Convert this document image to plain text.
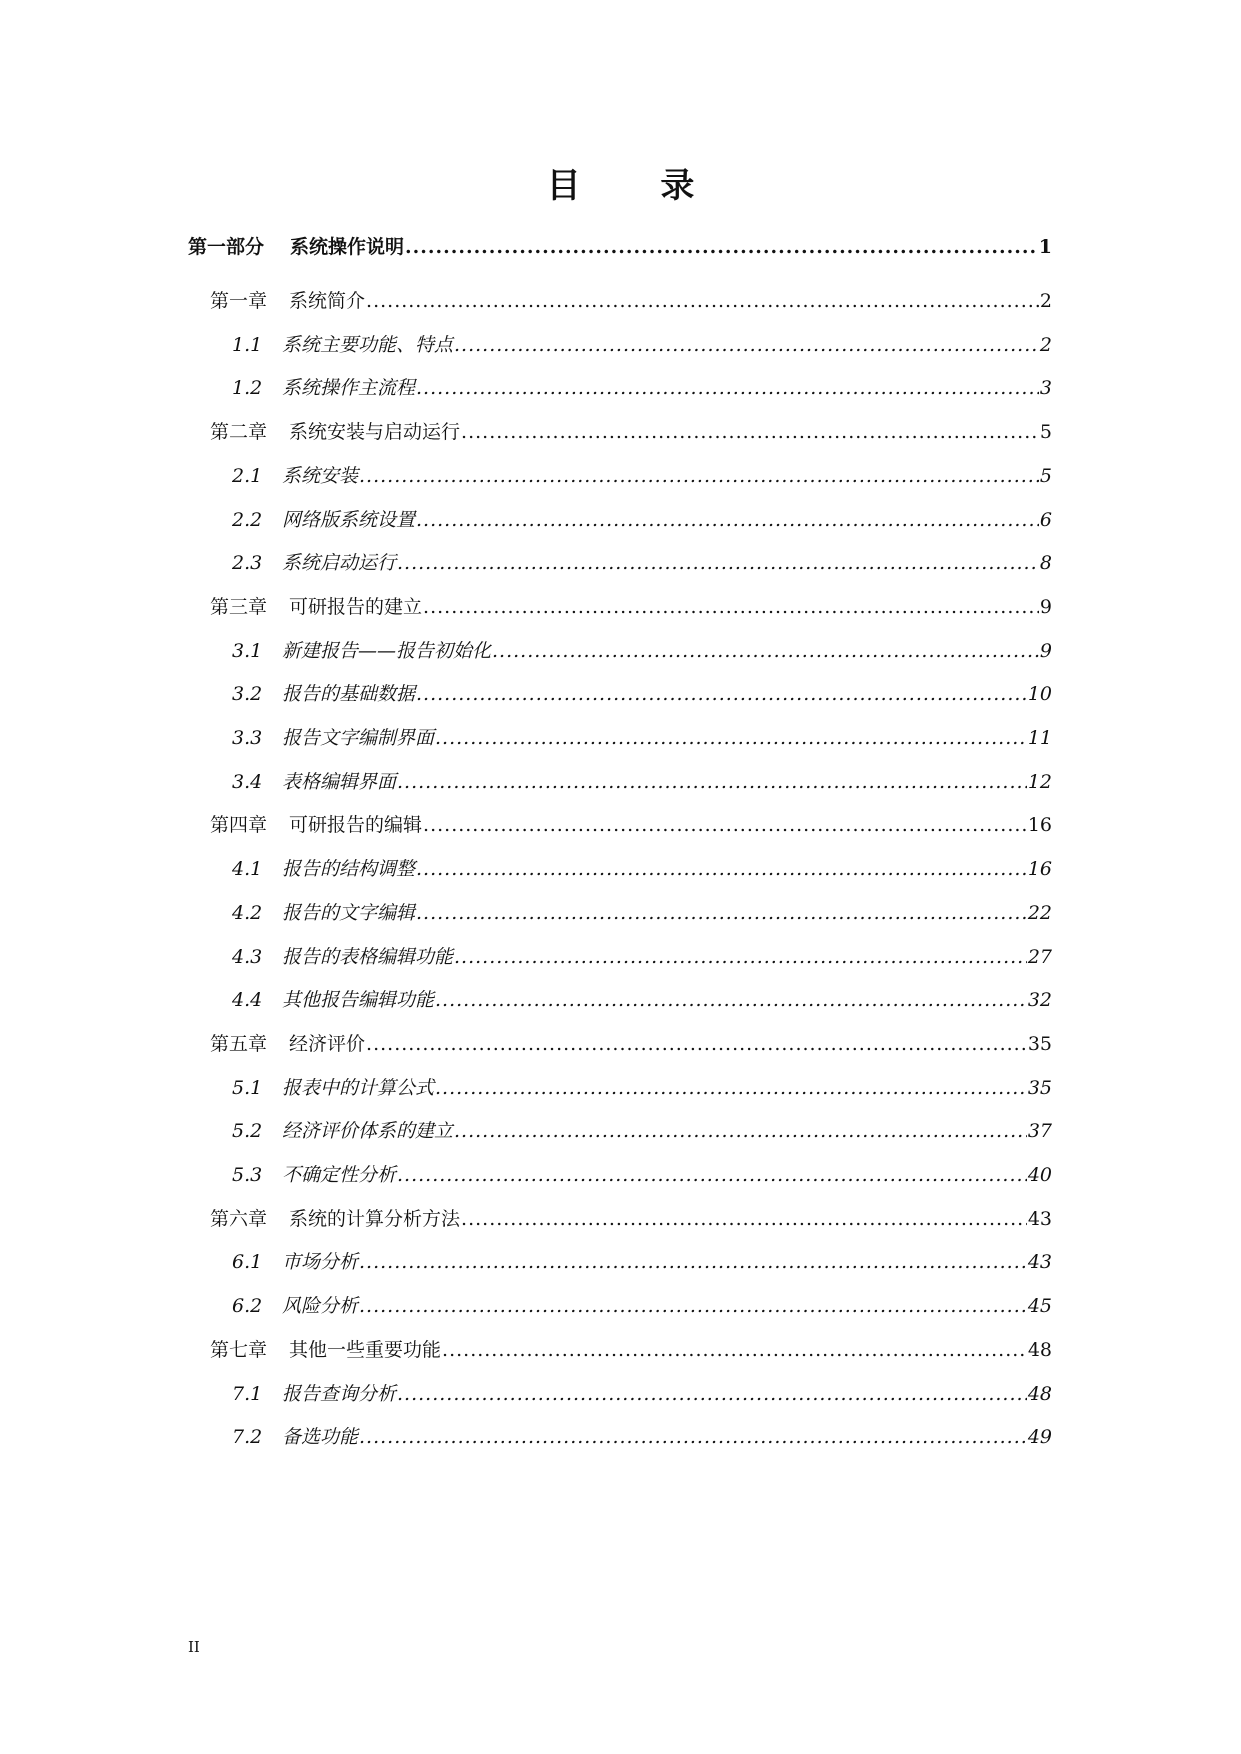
目 录
第一部分 系统操作说明 .....	1
第一章 系统简介 .....	2
1.1 系统主要功能、特点 .....	2
1.2 系统操作主流程 .....	3
第二章 系统安装与启动运行 .....	5
2.1 系统安装 .....	5
2.2 网络版系统设置 .....	6
2.3 系统启动运行 .....	8
第三章 可研报告的建立 .....	9
3.1 新建报告——报告初始化 .....	9
3.2 报告的基础数据 .....	10
3.3 报告文字编制界面 .....	11
3.4 表格编辑界面 .....	12
第四章 可研报告的编辑 .....	16
4.1 报告的结构调整 .....	16
4.2 报告的文字编辑 .....	22
4.3 报告的表格编辑功能 .....	27
4.4 其他报告编辑功能 .....	32
第五章 经济评价 .....	35
5.1 报表中的计算公式 .....	35
5.2 经济评价体系的建立 .....	37
5.3 不确定性分析 .....	40
第六章 系统的计算分析方法 .....	43
6.1 市场分析 .....	43
6.2 风险分析 .....	45
第七章 其他一些重要功能 .....	48
7.1 报告查询分析 .....	48
7.2 备选功能 .....	49
II
